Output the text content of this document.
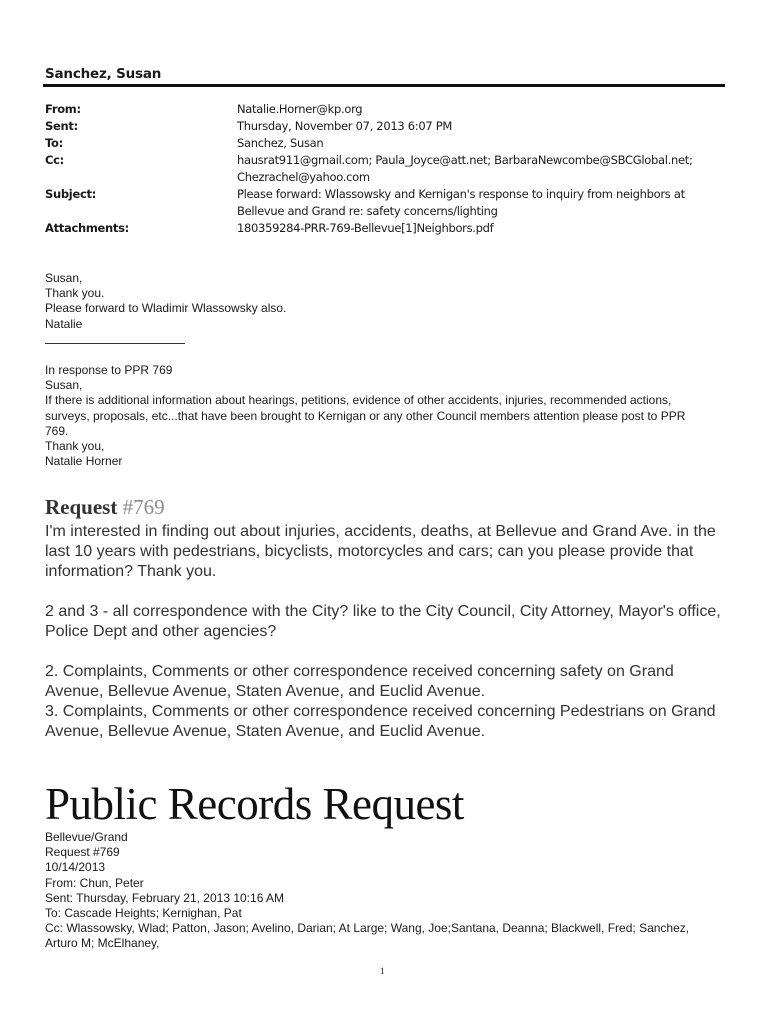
Sanchez, Susan
From:	Natalie.Horner@kp.org
Sent:	Thursday, November 07, 2013 6:07 PM
To:	Sanchez, Susan
Cc:	hausrat911@gmail.com; Paula_Joyce@att.net; BarbaraNewcombe@SBCGlobal.net;
Chezrachel@yahoo.com
Subject:	Please forward: Wlassowsky and Kernigan's response to inquiry from neighbors at
Bellevue and Grand re: safety concerns/lighting
Attachments:	180359284-PRR-769-Bellevue[1]Neighbors.pdf
Susan,
Thank you.
Please forward to Wladimir Wlassowsky also.
Natalie
In response to PPR 769
Susan,
If there is additional information about hearings, petitions, evidence of other accidents, injuries, recommended actions,
surveys, proposals, etc...that have been brought to Kernigan or any other Council members attention please post to PPR
769.
Thank you,
Natalie Horner
Request #769
I'm interested in finding out about injuries, accidents, deaths, at Bellevue and Grand Ave. in the last 10 years with pedestrians, bicyclists, motorcycles and cars; can you please provide that information? Thank you.
2 and 3 - all correspondence with the City? like to the City Council, City Attorney, Mayor's office, Police Dept and other agencies?
2. Complaints, Comments or other correspondence received concerning safety on Grand Avenue, Bellevue Avenue, Staten Avenue, and Euclid Avenue.
3. Complaints, Comments or other correspondence received concerning Pedestrians on Grand Avenue, Bellevue Avenue, Staten Avenue, and Euclid Avenue.
Public Records Request
Bellevue/Grand
Request #769
10/14/2013
From: Chun, Peter
Sent: Thursday, February 21, 2013 10:16 AM
To: Cascade Heights; Kernighan, Pat
Cc: Wlassowsky, Wlad; Patton, Jason; Avelino, Darian; At Large; Wang, Joe;Santana, Deanna; Blackwell, Fred; Sanchez,
Arturo M; McElhaney,
1
